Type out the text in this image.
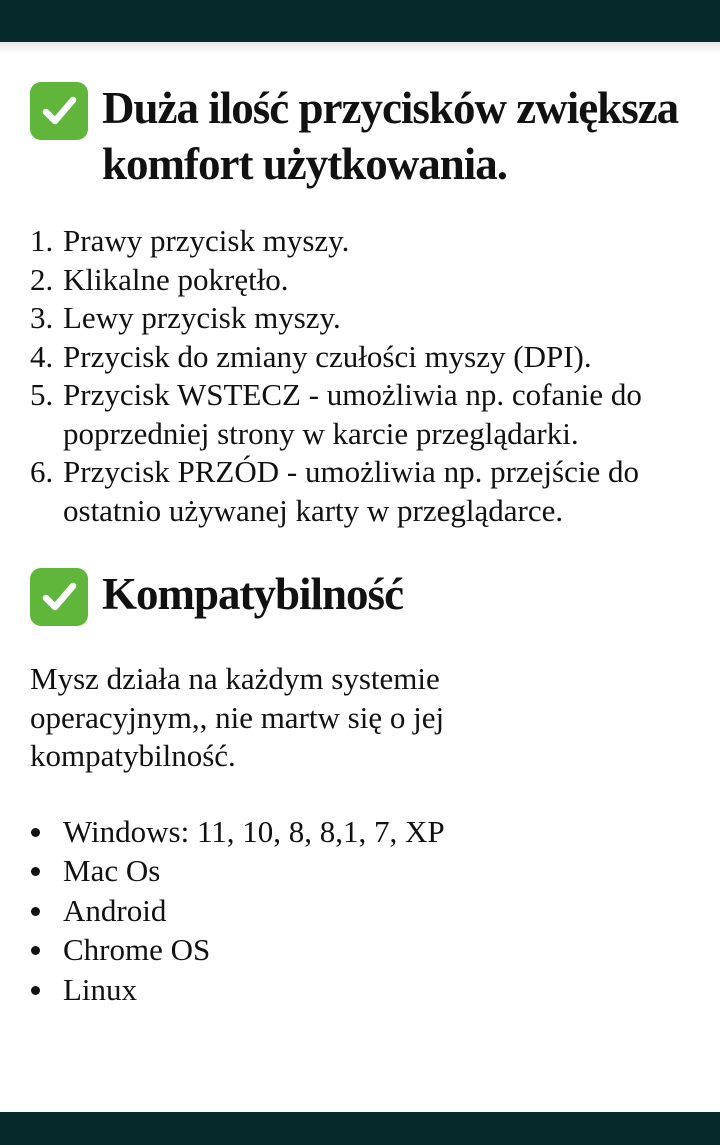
Duża ilość przycisków zwiększa komfort użytkowania.
1. Prawy przycisk myszy.
2. Klikalne pokrętło.
3. Lewy przycisk myszy.
4. Przycisk do zmiany czułości myszy (DPI).
5. Przycisk WSTECZ - umożliwia np. cofanie do poprzedniej strony w karcie przeglądarki.
6. Przycisk PRZÓD - umożliwia np. przejście do ostatnio używanej karty w przeglądarce.
Kompatybilność

Mysz działa na każdym systemie operacyjnym,, nie martw się o jej kompatybilność.

Windows: 11, 10, 8, 8,1, 7, XP
Mac Os
Android
Chrome OS
Linux
